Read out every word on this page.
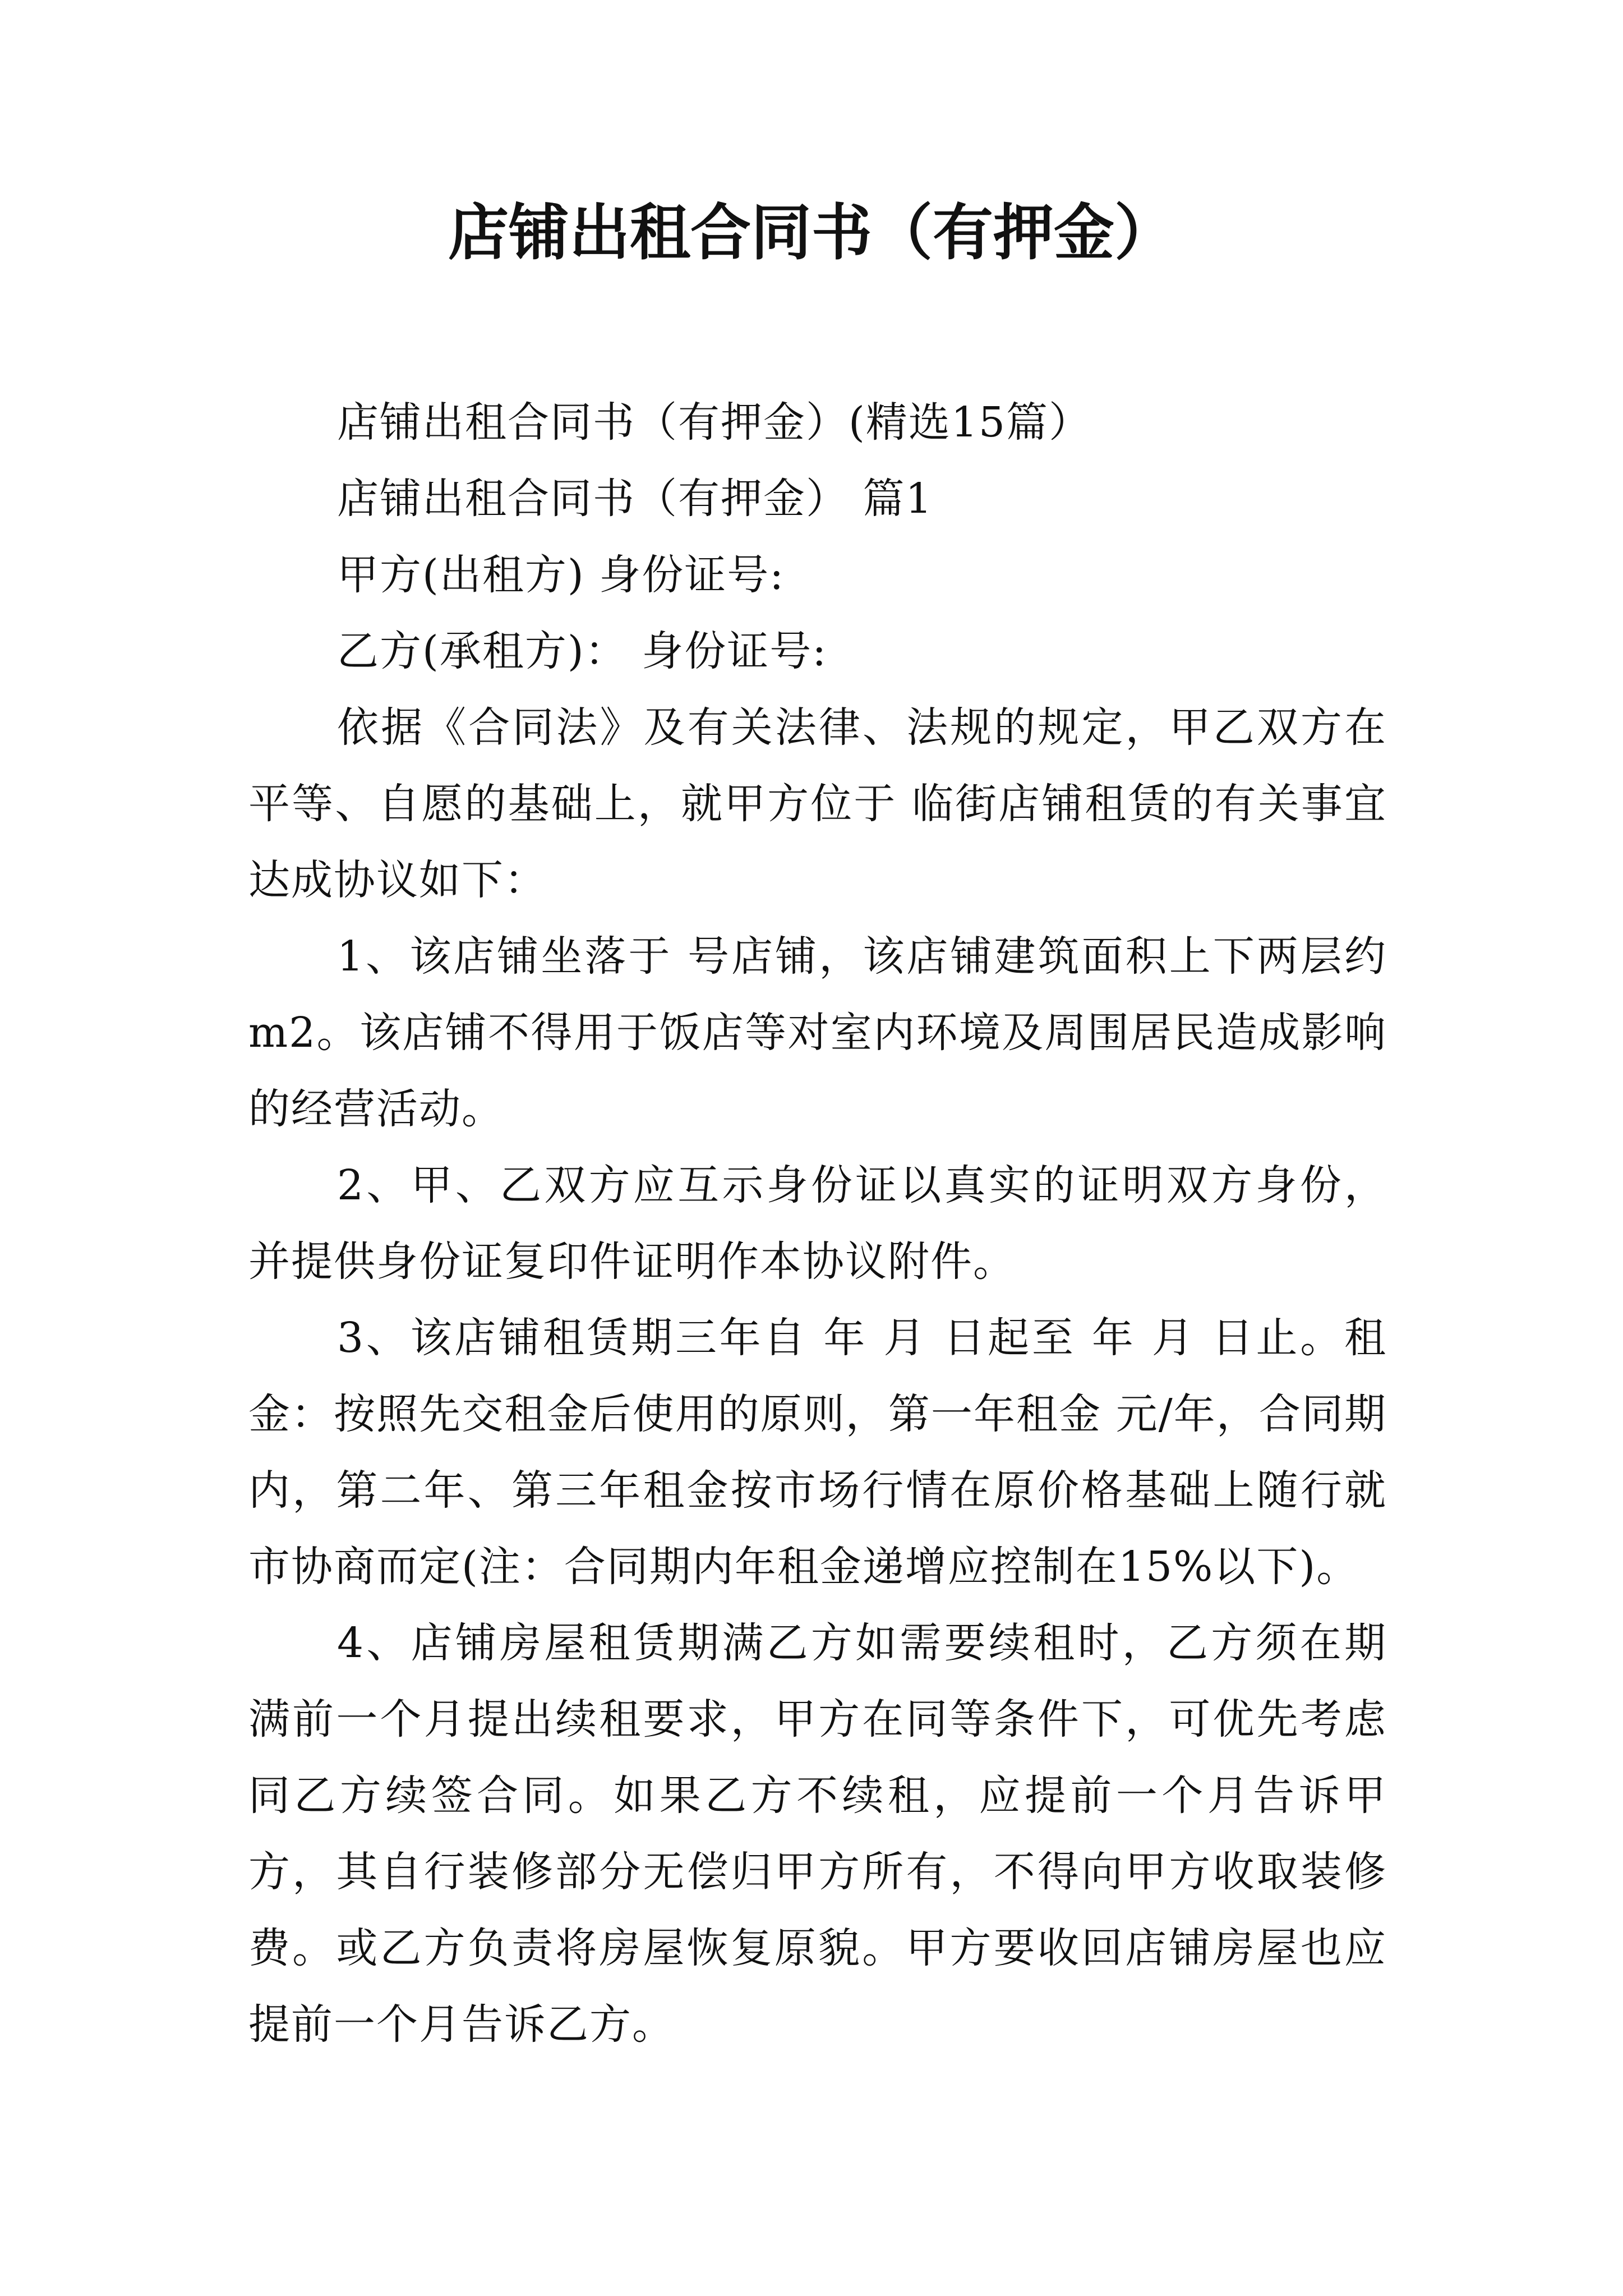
店铺出租合同书（有押金）

店铺出租合同书（有押金）(精选15篇）

店铺出租合同书（有押金） 篇1

甲方(出租方) 身份证号:

乙方(承租方)： 身份证号:

依据《合同法》及有关法律、法规的规定，甲乙双方在平等、自愿的基础上，就甲方位于 临街店铺租赁的有关事宜达成协议如下：

1、该店铺坐落于 号店铺，该店铺建筑面积上下两层约m2。该店铺不得用于饭店等对室内环境及周围居民造成影响的经营活动。

2、甲、乙双方应互示身份证以真实的证明双方身份，并提供身份证复印件证明作本协议附件。

3、该店铺租赁期三年自 年 月 日起至 年 月 日止。租金：按照先交租金后使用的原则，第一年租金 元/年，合同期内，第二年、第三年租金按市场行情在原价格基础上随行就市协商而定(注：合同期内年租金递增应控制在15%以下)。

4、店铺房屋租赁期满乙方如需要续租时，乙方须在期满前一个月提出续租要求，甲方在同等条件下，可优先考虑同乙方续签合同。如果乙方不续租，应提前一个月告诉甲方，其自行装修部分无偿归甲方所有，不得向甲方收取装修费。或乙方负责将房屋恢复原貌。甲方要收回店铺房屋也应提前一个月告诉乙方。
